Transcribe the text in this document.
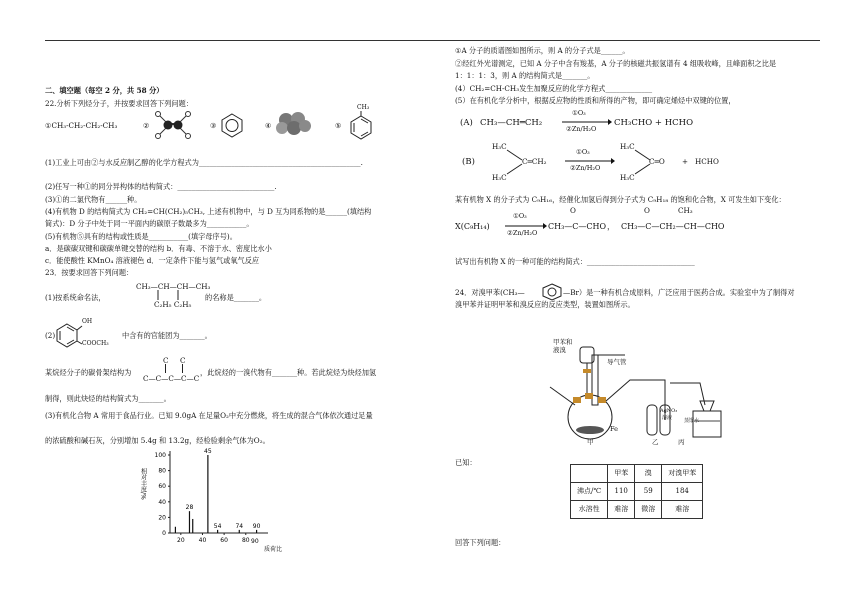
二、填空题（每空 2 分，共 58 分）
22.分析下列烃分子，并按要求回答下列问题：
①CH₃-CH₂-CH₂-CH₃	②	③	④	⑤
CH₃
(1)工业上可由②与水反应制乙醇的化学方程式为_____________________________________________.
(2)任写一种①的同分异构体的结构简式：___________________________.
(3)①的二氯代物有______种。
(4)有机物 D 的结构简式为 CH₂=CH(CH₂)₅CH₃, 上述有机物中，与 D 互为同系物的是______(填结构
简式)：D 分子中处于同一平面内的碳原子数最多为___________。
(5)有机物⑤具有的结构或性质是___________(填字母序号)。
a．是碳碳双键和碳碳单键交替的结构 b．有毒、不溶于水、密度比水小
c．能使酸性 KMnO₄ 溶液褪色 d．一定条件下能与氢气或氧气反应
23．按要求回答下列问题：
(1)按系统命名法，
CH₃—CH—CH—CH₃
C₂H₅ C₂H₅
的名称是_______。
(2)
OH
COOCH₃
中含有的官能团为_______。
某烷烃分子的碳骨架结构为
C C
C—C—C—C—C
，此烷烃的一溴代物有_______种。若此烷烃为炔烃加氢
制得，则此炔烃的结构简式为_______。
(3)有机化合物 A 常用于食品行业。已知 9.0gA 在足量O₂中充分燃烧，将生成的混合气体依次通过足量
的浓硫酸和碱石灰，分别增加 5.4g 和 13.2g，经检验剩余气体为O₂。
0
20
40
60
80
100
20 40 60 80
28
45
54 74 90
相对丰度/%
质荷比
90
①A 分子的质谱图如图所示，则 A 的分子式是______。
②经红外光谱测定，已知 A 分子中含有羧基，A 分子的核磁共振氢谱有 4 组吸收峰，且峰面积之比是
1：1：1：3，则 A 的结构简式是_______。
(4）CH₂=CH-CH₃发生加聚反应的化学方程式_____________
(5）在有机化学分析中，根据反应物的性质和所得的产物，即可确定烯烃中双键的位置，
(A) CH₃—CH═CH₂
①O₃
②Zn/H₂O
CH₃CHO + HCHO
(B)
H₃C
C═CH₂
H₃C
①O₃
②Zn/H₂O
H₃C
C═O
H₃C
+ HCHO
某有机物 X 的分子式为 C₉H₁₆，经催化加氢后得到分子式为 C₉H₁₈ 的饱和化合物，X 可发生如下变化：
X(C₉H₁₄)
①O₃
②Zn/H₂O
O
CH₃—C—CHO ，
O	CH₃
CH₃—C—CH₂—CH—CHO
试写出有机物 X 的一种可能的结构简式：______________________________
24．对溴甲苯(CH₃—	—Br）是一种有机合成原料，广泛应用于医药合成。实验室中为了制得对
溴甲苯并证明甲苯和溴反应的反应类型，装置如图所示。
甲苯和
液溴
导气管
Fe
甲	乙	丙
AgNO₃
溶液 蒸馏水
已知：
	甲苯	溴	对溴甲苯
沸点/℃	110	59	184
水溶性	难溶	微溶	难溶
回答下列问题：
